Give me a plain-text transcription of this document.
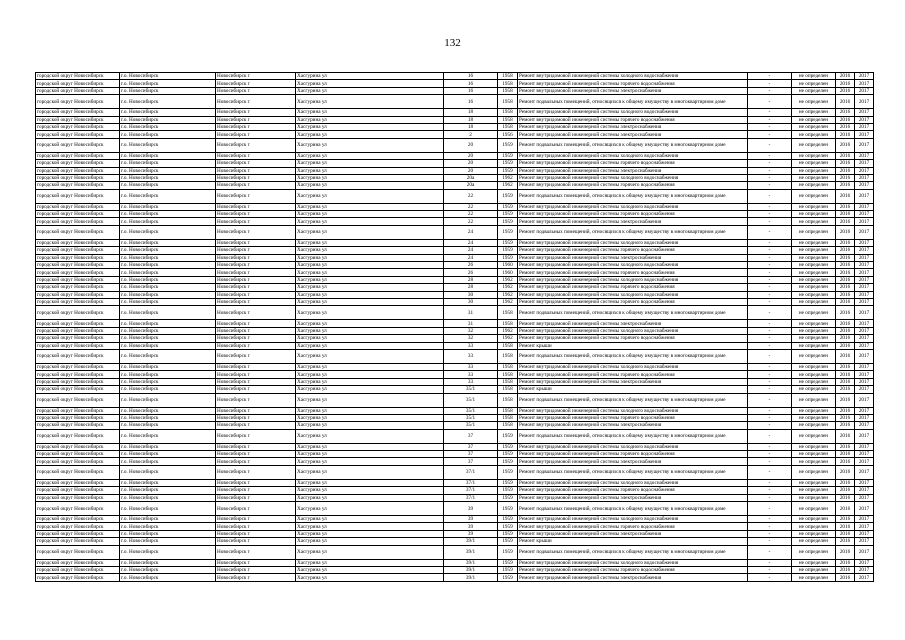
132
городской округ Новосибирск	г.о. Новосибирск	Новосибирск г	Хасгурина ул	16	1958	Ремонт внутридомовой инженерной системы холодного водоснабжения	-	не определен	2016	2017
городской округ Новосибирск	г.о. Новосибирск	Новосибирск г	Хасгурина ул	16	1958	Ремонт внутридомовой инженерной системы горячего водоснабжения	-	не определен	2016	2017
городской округ Новосибирск	г.о. Новосибирск	Новосибирск г	Хасгурина ул	16	1958	Ремонт внутридомовой инженерной системы электроснабжения	-	не определен	2016	2017
городской округ Новосибирск	г.о. Новосибирск	Новосибирск г	Хасгурина ул	16	1958	Ремонт подвальных помещений, относящихся к общему имуществу в многоквартирном доме	-	не определен	2016	2017
городской округ Новосибирск	г.о. Новосибирск	Новосибирск г	Хасгурина ул	18	1958	Ремонт внутридомовой инженерной системы холодного водоснабжения	-	не определен	2016	2017
городской округ Новосибирск	г.о. Новосибирск	Новосибирск г	Хасгурина ул	18	1958	Ремонт внутридомовой инженерной системы горячего водоснабжения	-	не определен	2016	2017
городской округ Новосибирск	г.о. Новосибирск	Новосибирск г	Хасгурина ул	18	1958	Ремонт внутридомовой инженерной системы электроснабжения	-	не определен	2016	2017
городской округ Новосибирск	г.о. Новосибирск	Новосибирск г	Хасгурина ул	2	1956	Ремонт внутридомовой инженерной системы электроснабжения	-	не определен	2016	2017
городской округ Новосибирск	г.о. Новосибирск	Новосибирск г	Хасгурина ул	20	1959	Ремонт подвальных помещений, относящихся к общему имуществу в многоквартирном доме	-	не определен	2016	2017
городской округ Новосибирск	г.о. Новосибирск	Новосибирск г	Хасгурина ул	20	1959	Ремонт внутридомовой инженерной системы холодного водоснабжения	-	не определен	2016	2017
городской округ Новосибирск	г.о. Новосибирск	Новосибирск г	Хасгурина ул	20	1959	Ремонт внутридомовой инженерной системы горячего водоснабжения	-	не определен	2016	2017
городской округ Новосибирск	г.о. Новосибирск	Новосибирск г	Хасгурина ул	20	1959	Ремонт внутридомовой инженерной системы электроснабжения	-	не определен	2016	2017
городской округ Новосибирск	г.о. Новосибирск	Новосибирск г	Хасгурина ул	20а	1962	Ремонт внутридомовой инженерной системы холодного водоснабжения	-	не определен	2016	2017
городской округ Новосибирск	г.о. Новосибирск	Новосибирск г	Хасгурина ул	20а	1962	Ремонт внутридомовой инженерной системы горячего водоснабжения	-	не определен	2016	2017
городской округ Новосибирск	г.о. Новосибирск	Новосибирск г	Хасгурина ул	22	1959	Ремонт подвальных помещений, относящихся к общему имуществу в многоквартирном доме	-	не определен	2016	2017
городской округ Новосибирск	г.о. Новосибирск	Новосибирск г	Хасгурина ул	22	1959	Ремонт внутридомовой инженерной системы холодного водоснабжения	-	не определен	2016	2017
городской округ Новосибирск	г.о. Новосибирск	Новосибирск г	Хасгурина ул	22	1959	Ремонт внутридомовой инженерной системы горячего водоснабжения	-	не определен	2016	2017
городской округ Новосибирск	г.о. Новосибирск	Новосибирск г	Хасгурина ул	22	1959	Ремонт внутридомовой инженерной системы электроснабжения	-	не определен	2016	2017
городской округ Новосибирск	г.о. Новосибирск	Новосибирск г	Хасгурина ул	24	1959	Ремонт подвальных помещений, относящихся к общему имуществу в многоквартирном доме	-	не определен	2016	2017
городской округ Новосибирск	г.о. Новосибирск	Новосибирск г	Хасгурина ул	24	1959	Ремонт внутридомовой инженерной системы холодного водоснабжения	-	не определен	2016	2017
городской округ Новосибирск	г.о. Новосибирск	Новосибирск г	Хасгурина ул	24	1959	Ремонт внутридомовой инженерной системы горячего водоснабжения	-	не определен	2016	2017
городской округ Новосибирск	г.о. Новосибирск	Новосибирск г	Хасгурина ул	24	1959	Ремонт внутридомовой инженерной системы электроснабжения	-	не определен	2016	2017
городской округ Новосибирск	г.о. Новосибирск	Новосибирск г	Хасгурина ул	26	1960	Ремонт внутридомовой инженерной системы холодного водоснабжения	-	не определен	2016	2017
городской округ Новосибирск	г.о. Новосибирск	Новосибирск г	Хасгурина ул	26	1960	Ремонт внутридомовой инженерной системы горячего водоснабжения	-	не определен	2016	2017
городской округ Новосибирск	г.о. Новосибирск	Новосибирск г	Хасгурина ул	28	1962	Ремонт внутридомовой инженерной системы холодного водоснабжения	-	не определен	2016	2017
городской округ Новосибирск	г.о. Новосибирск	Новосибирск г	Хасгурина ул	28	1962	Ремонт внутридомовой инженерной системы горячего водоснабжения	-	не определен	2016	2017
городской округ Новосибирск	г.о. Новосибирск	Новосибирск г	Хасгурина ул	30	1962	Ремонт внутридомовой инженерной системы холодного водоснабжения	-	не определен	2016	2017
городской округ Новосибирск	г.о. Новосибирск	Новосибирск г	Хасгурина ул	30	1962	Ремонт внутридомовой инженерной системы горячего водоснабжения	-	не определен	2016	2017
городской округ Новосибирск	г.о. Новосибирск	Новосибирск г	Хасгурина ул	31	1958	Ремонт подвальных помещений, относящихся к общему имуществу в многоквартирном доме	-	не определен	2016	2017
городской округ Новосибирск	г.о. Новосибирск	Новосибирск г	Хасгурина ул	31	1958	Ремонт внутридомовой инженерной системы электроснабжения	-	не определен	2016	2017
городской округ Новосибирск	г.о. Новосибирск	Новосибирск г	Хасгурина ул	32	1962	Ремонт внутридомовой инженерной системы холодного водоснабжения	-	не определен	2016	2017
городской округ Новосибирск	г.о. Новосибирск	Новосибирск г	Хасгурина ул	32	1962	Ремонт внутридомовой инженерной системы горячего водоснабжения	-	не определен	2016	2017
городской округ Новосибирск	г.о. Новосибирск	Новосибирск г	Хасгурина ул	33	1958	Ремонт крыши	-	не определен	2016	2017
городской округ Новосибирск	г.о. Новосибирск	Новосибирск г	Хасгурина ул	33	1958	Ремонт подвальных помещений, относящихся к общему имуществу в многоквартирном доме	-	не определен	2016	2017
городской округ Новосибирск	г.о. Новосибирск	Новосибирск г	Хасгурина ул	33	1958	Ремонт внутридомовой инженерной системы холодного водоснабжения	-	не определен	2016	2017
городской округ Новосибирск	г.о. Новосибирск	Новосибирск г	Хасгурина ул	33	1958	Ремонт внутридомовой инженерной системы горячего водоснабжения	-	не определен	2016	2017
городской округ Новосибирск	г.о. Новосибирск	Новосибирск г	Хасгурина ул	33	1958	Ремонт внутридомовой инженерной системы электроснабжения	-	не определен	2016	2017
городской округ Новосибирск	г.о. Новосибирск	Новосибирск г	Хасгурина ул	35/1	1958	Ремонт крыши	-	не определен	2016	2017
городской округ Новосибирск	г.о. Новосибирск	Новосибирск г	Хасгурина ул	35/1	1958	Ремонт подвальных помещений, относящихся к общему имуществу в многоквартирном доме	-	не определен	2016	2017
городской округ Новосибирск	г.о. Новосибирск	Новосибирск г	Хасгурина ул	35/1	1958	Ремонт внутридомовой инженерной системы холодного водоснабжения	-	не определен	2016	2017
городской округ Новосибирск	г.о. Новосибирск	Новосибирск г	Хасгурина ул	35/1	1958	Ремонт внутридомовой инженерной системы горячего водоснабжения	-	не определен	2016	2017
городской округ Новосибирск	г.о. Новосибирск	Новосибирск г	Хасгурина ул	35/1	1958	Ремонт внутридомовой инженерной системы электроснабжения	-	не определен	2016	2017
городской округ Новосибирск	г.о. Новосибирск	Новосибирск г	Хасгурина ул	37	1959	Ремонт подвальных помещений, относящихся к общему имуществу в многоквартирном доме	-	не определен	2016	2017
городской округ Новосибирск	г.о. Новосибирск	Новосибирск г	Хасгурина ул	37	1959	Ремонт внутридомовой инженерной системы холодного водоснабжения	-	не определен	2016	2017
городской округ Новосибирск	г.о. Новосибирск	Новосибирск г	Хасгурина ул	37	1959	Ремонт внутридомовой инженерной системы горячего водоснабжения	-	не определен	2016	2017
городской округ Новосибирск	г.о. Новосибирск	Новосибирск г	Хасгурина ул	37	1959	Ремонт внутридомовой инженерной системы электроснабжения	-	не определен	2016	2017
городской округ Новосибирск	г.о. Новосибирск	Новосибирск г	Хасгурина ул	37/1	1959	Ремонт подвальных помещений, относящихся к общему имуществу в многоквартирном доме	-	не определен	2016	2017
городской округ Новосибирск	г.о. Новосибирск	Новосибирск г	Хасгурина ул	37/1	1959	Ремонт внутридомовой инженерной системы холодного водоснабжения	-	не определен	2016	2017
городской округ Новосибирск	г.о. Новосибирск	Новосибирск г	Хасгурина ул	37/1	1959	Ремонт внутридомовой инженерной системы горячего водоснабжения	-	не определен	2016	2017
городской округ Новосибирск	г.о. Новосибирск	Новосибирск г	Хасгурина ул	37/1	1959	Ремонт внутридомовой инженерной системы электроснабжения	-	не определен	2016	2017
городской округ Новосибирск	г.о. Новосибирск	Новосибирск г	Хасгурина ул	39	1959	Ремонт подвальных помещений, относящихся к общему имуществу в многоквартирном доме	-	не определен	2016	2017
городской округ Новосибирск	г.о. Новосибирск	Новосибирск г	Хасгурина ул	39	1959	Ремонт внутридомовой инженерной системы холодного водоснабжения	-	не определен	2016	2017
городской округ Новосибирск	г.о. Новосибирск	Новосибирск г	Хасгурина ул	39	1959	Ремонт внутридомовой инженерной системы горячего водоснабжения	-	не определен	2016	2017
городской округ Новосибирск	г.о. Новосибирск	Новосибирск г	Хасгурина ул	39	1959	Ремонт внутридомовой инженерной системы электроснабжения	-	не определен	2016	2017
городской округ Новосибирск	г.о. Новосибирск	Новосибирск г	Хасгурина ул	39/1	1959	Ремонт крыши	-	не определен	2016	2017
городской округ Новосибирск	г.о. Новосибирск	Новосибирск г	Хасгурина ул	39/1	1959	Ремонт подвальных помещений, относящихся к общему имуществу в многоквартирном доме	-	не определен	2016	2017
городской округ Новосибирск	г.о. Новосибирск	Новосибирск г	Хасгурина ул	39/1	1959	Ремонт внутридомовой инженерной системы холодного водоснабжения	-	не определен	2016	2017
городской округ Новосибирск	г.о. Новосибирск	Новосибирск г	Хасгурина ул	39/1	1959	Ремонт внутридомовой инженерной системы горячего водоснабжения	-	не определен	2016	2017
городской округ Новосибирск	г.о. Новосибирск	Новосибирск г	Хасгурина ул	39/1	1959	Ремонт внутридомовой инженерной системы электроснабжения	-	не определен	2016	2017
